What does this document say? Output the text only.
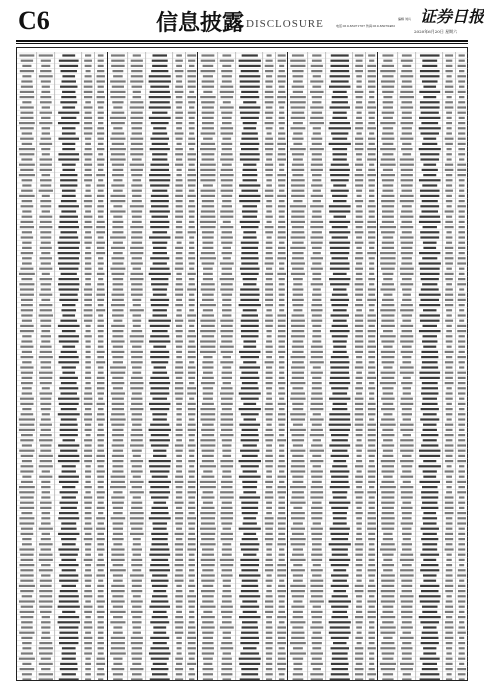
C6	信息披露 DISCLOSURE	编辑 刘兵
电话:010-63071767 传真:010-63070482 证券日报
2020年6月20日 星期六
